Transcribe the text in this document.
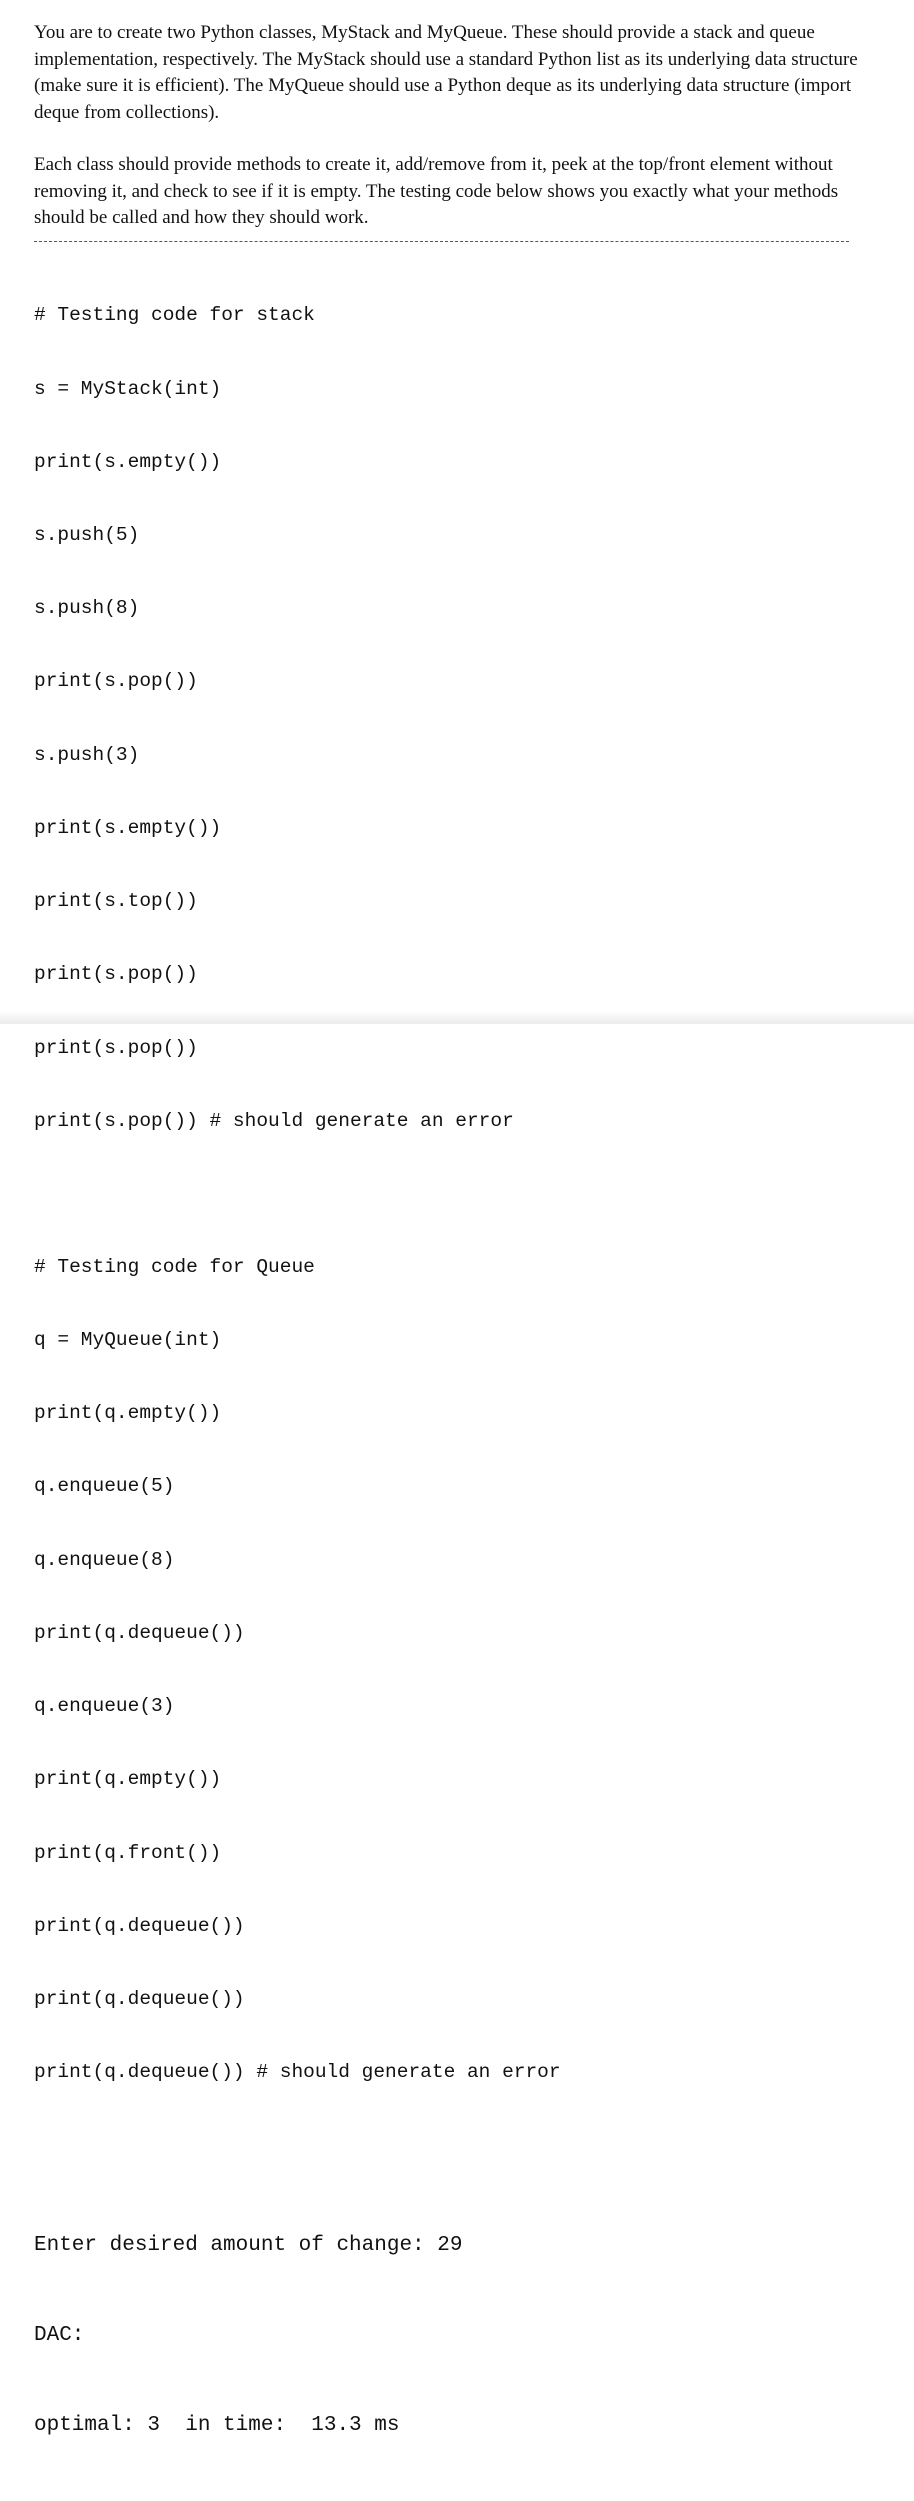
You are to create two Python classes, MyStack and MyQueue. These should provide a stack and queue implementation, respectively. The MyStack should use a standard Python list as its underlying data structure (make sure it is efficient). The MyQueue should use a Python deque as its underlying data structure (import deque from collections).

Each class should provide methods to create it, add/remove from it, peek at the top/front element without removing it, and check to see if it is empty. The testing code below shows you exactly what your methods should be called and how they should work.

# Testing code for stack

s = MyStack(int)

print(s.empty())

s.push(5)

s.push(8)

print(s.pop())

s.push(3)

print(s.empty())

print(s.top())

print(s.pop())

print(s.pop())

print(s.pop()) # should generate an error

# Testing code for Queue

q = MyQueue(int)

print(q.empty())

q.enqueue(5)

q.enqueue(8)

print(q.dequeue())

q.enqueue(3)

print(q.empty())

print(q.front())

print(q.dequeue())

print(q.dequeue())

print(q.dequeue()) # should generate an error

Enter desired amount of change: 29

DAC:

optimal: 3  in time:  13.3 ms
